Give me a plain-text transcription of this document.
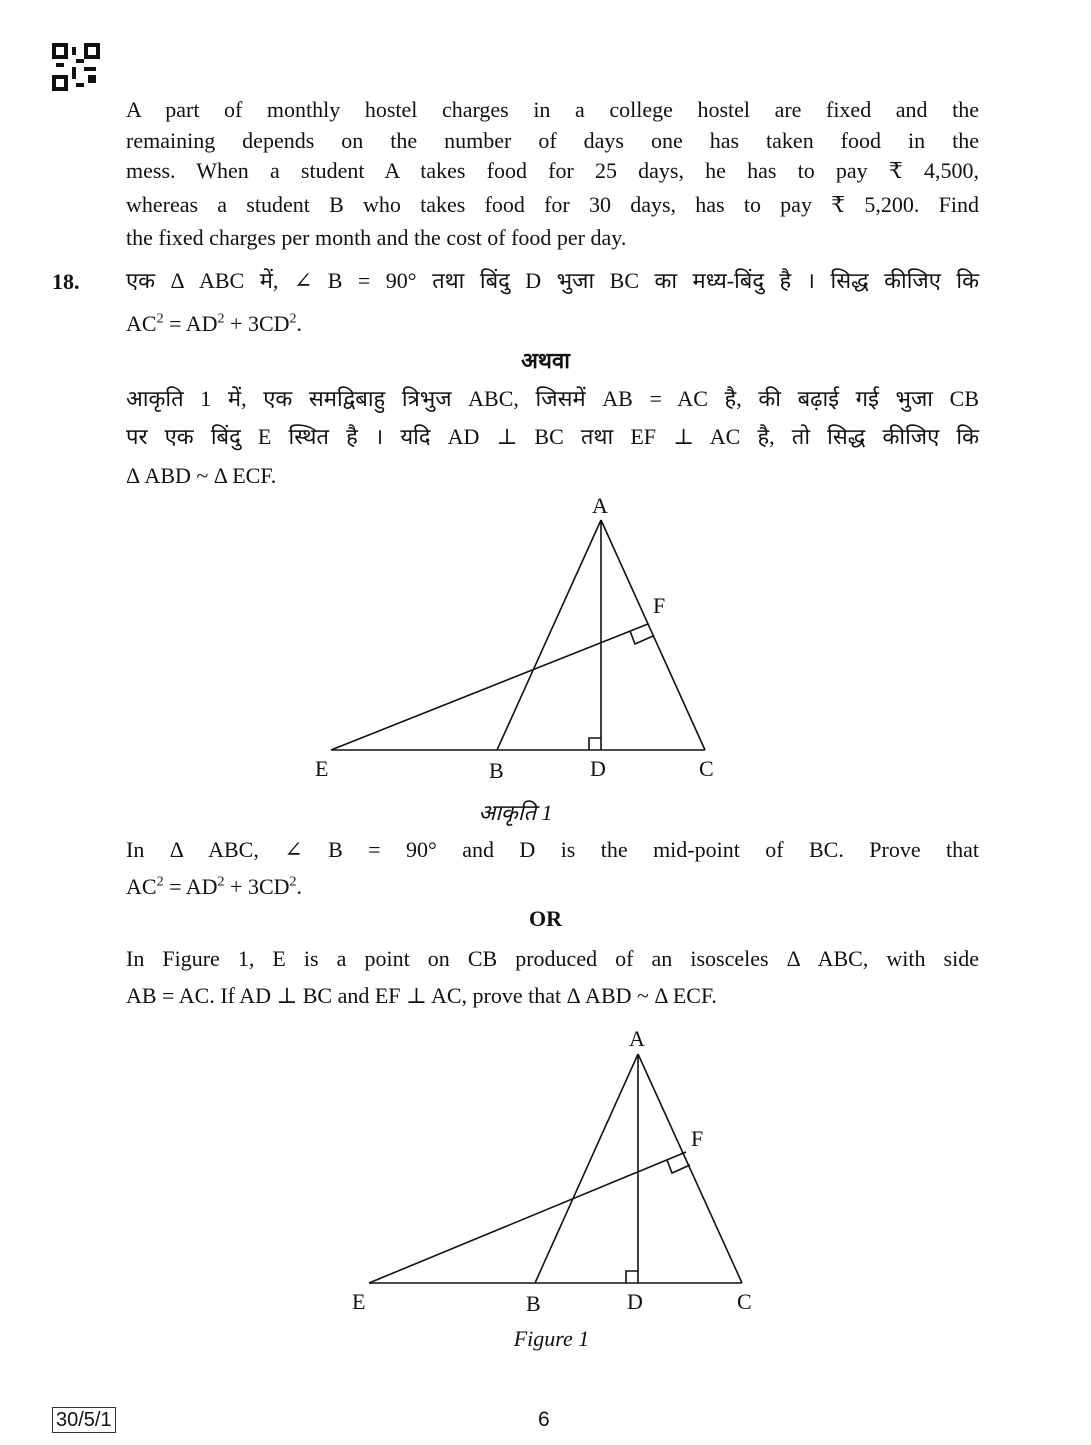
A part of monthly hostel charges in a college hostel are fixed and the
remaining depends on the number of days one has taken food in the
mess. When a student A takes food for 25 days, he has to pay ₹ 4,500,
whereas a student B who takes food for 30 days, has to pay ₹ 5,200. Find
the fixed charges per month and the cost of food per day.
18. एक Δ ABC में, ∠ B = 90° तथा बिंदु D भुजा BC का मध्य-बिंदु है । सिद्ध कीजिए कि
$AC^2 = AD^2 + 3CD^2$.
अथवा
आकृति 1 में, एक समद्विबाहु त्रिभुज ABC, जिसमें AB = AC है, की बढ़ाई गई भुजा CB
पर एक बिंदु E स्थित है । यदि AD ⊥ BC तथा EF ⊥ AC है, तो सिद्ध कीजिए कि
Δ ABD ~ Δ ECF.
A
F
E	B	D	C
A
F
E	B	D	C
आकृति 1
In Δ ABC, ∠ B = 90° and D is the mid-point of BC. Prove that
$AC^2 = AD^2 + 3CD^2$.
OR
In Figure 1, E is a point on CB produced of an isosceles Δ ABC, with side
AB = AC. If AD ⊥ BC and EF ⊥ AC, prove that Δ ABD ~ Δ ECF.
Figure 1
30/5/1	6
